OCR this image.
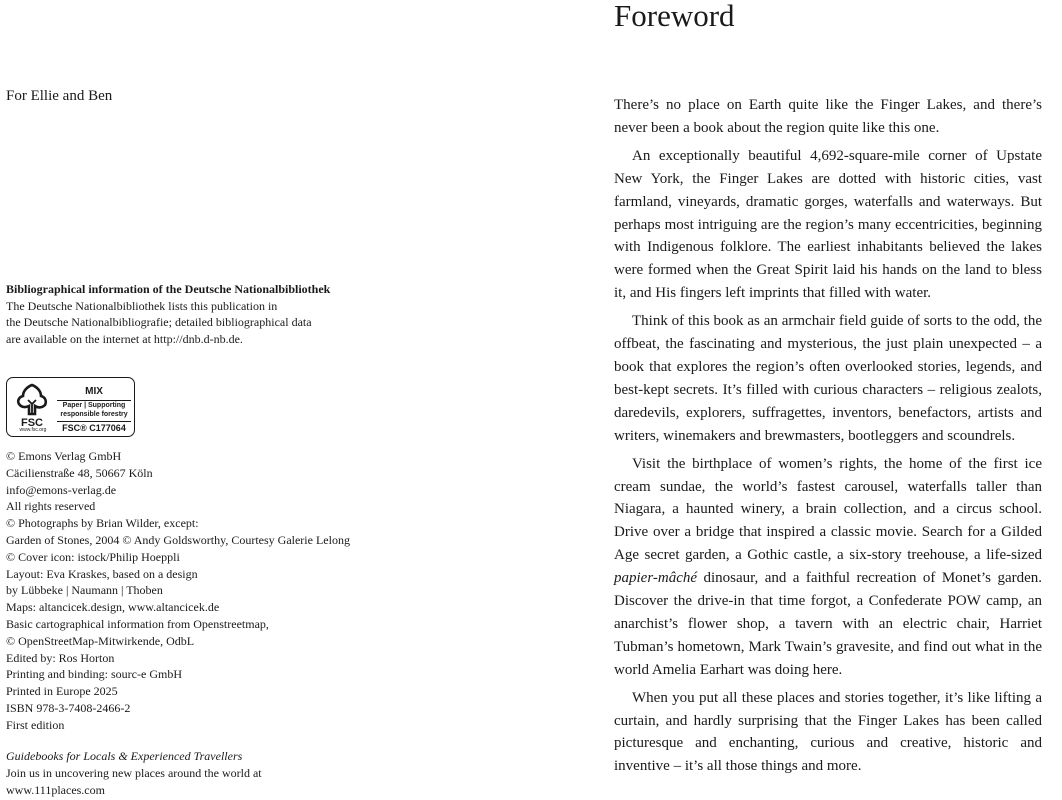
For Ellie and Ben
Bibliographical information of the Deutsche Nationalbibliothek
The Deutsche Nationalbibliothek lists this publication in
the Deutsche Nationalbibliografie; detailed bibliographical data
are available on the internet at http://dnb.d-nb.de.
FSC
www.fsc.org
MIX
Paper | Supporting
responsible forestry
FSC® C177064
© Emons Verlag GmbH
Cäcilienstraße 48, 50667 Köln
info@emons-verlag.de
All rights reserved
© Photographs by Brian Wilder, except:
Garden of Stones, 2004 © Andy Goldsworthy, Courtesy Galerie Lelong
© Cover icon: istock/Philip Hoeppli
Layout: Eva Kraskes, based on a design
by Lübbeke | Naumann | Thoben
Maps: altancicek.design, www.altancicek.de
Basic cartographical information from Openstreetmap,
© OpenStreetMap-Mitwirkende, OdbL
Edited by: Ros Horton
Printing and binding: sourc-e GmbH
Printed in Europe 2025
ISBN 978-3-7408-2466-2
First edition
Guidebooks for Locals & Experienced Travellers
Join us in uncovering new places around the world at
www.111places.com
Foreword

There’s no place on Earth quite like the Finger Lakes, and there’s never been a book about the region quite like this one.

An exceptionally beautiful 4,692-square-mile corner of Upstate New York, the Finger Lakes are dotted with historic cities, vast farmland, vineyards, dramatic gorges, waterfalls and waterways. But perhaps most intriguing are the region’s many eccentricities, beginning with Indigenous folklore. The earliest inhabitants believed the lakes were formed when the Great Spirit laid his hands on the land to bless it, and His fingers left imprints that filled with water.

Think of this book as an armchair field guide of sorts to the odd, the offbeat, the fascinating and mysterious, the just plain unexpected – a book that explores the region’s often overlooked stories, legends, and best-kept secrets. It’s filled with curious characters – religious zealots, daredevils, explorers, suffragettes, inventors, benefactors, artists and writers, winemakers and brewmasters, bootleggers and scoundrels.

Visit the birthplace of women’s rights, the home of the first ice cream sundae, the world’s fastest carousel, waterfalls taller than Niagara, a haunted winery, a brain collection, and a circus school. Drive over a bridge that inspired a classic movie. Search for a Gilded Age secret garden, a Gothic castle, a six-story treehouse, a life-sized papier-mâché dinosaur, and a faithful recreation of Monet’s garden. Discover the drive-in that time forgot, a Confederate POW camp, an anarchist’s flower shop, a tavern with an electric chair, Harriet Tubman’s hometown, Mark Twain’s gravesite, and find out what in the world Amelia Earhart was doing here.

When you put all these places and stories together, it’s like lifting a curtain, and hardly surprising that the Finger Lakes has been called picturesque and enchanting, curious and creative, historic and inventive – it’s all those things and more.
